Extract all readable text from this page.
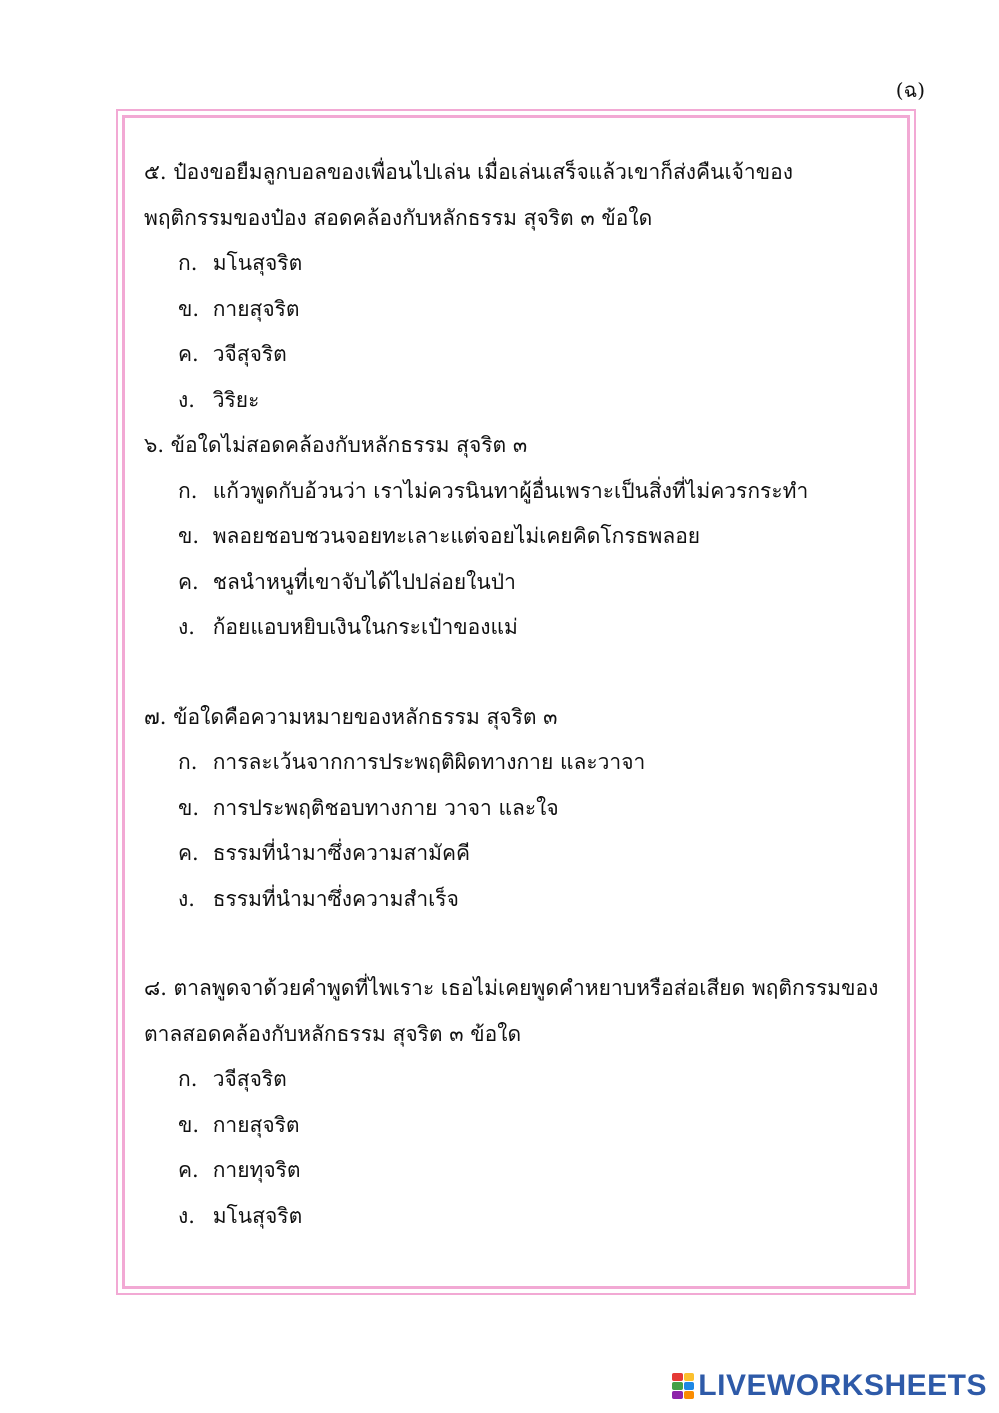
(ฉ)
๕. ป๋องขอยืมลูกบอลของเพื่อนไปเล่น เมื่อเล่นเสร็จแล้วเขาก็ส่งคืนเจ้าของ
พฤติกรรมของป๋อง สอดคล้องกับหลักธรรม สุจริต ๓ ข้อใด
ก. มโนสุจริต
ข. กายสุจริต
ค. วจีสุจริต
ง. วิริยะ
๖. ข้อใดไม่สอดคล้องกับหลักธรรม สุจริต ๓
ก. แก้วพูดกับอ้วนว่า เราไม่ควรนินทาผู้อื่นเพราะเป็นสิ่งที่ไม่ควรกระทำ
ข. พลอยชอบชวนจอยทะเลาะแต่จอยไม่เคยคิดโกรธพลอย
ค. ชลนำหนูที่เขาจับได้ไปปล่อยในป่า
ง. ก้อยแอบหยิบเงินในกระเป๋าของแม่
๗. ข้อใดคือความหมายของหลักธรรม สุจริต ๓
ก. การละเว้นจากการประพฤติผิดทางกาย และวาจา
ข. การประพฤติชอบทางกาย วาจา และใจ
ค. ธรรมที่นำมาซึ่งความสามัคคี
ง. ธรรมที่นำมาซึ่งความสำเร็จ
๘. ตาลพูดจาด้วยคำพูดที่ไพเราะ เธอไม่เคยพูดคำหยาบหรือส่อเสียด พฤติกรรมของ
ตาลสอดคล้องกับหลักธรรม สุจริต ๓ ข้อใด
ก. วจีสุจริต
ข. กายสุจริต
ค. กายทุจริต
ง. มโนสุจริต
LIVEWORKSHEETS
